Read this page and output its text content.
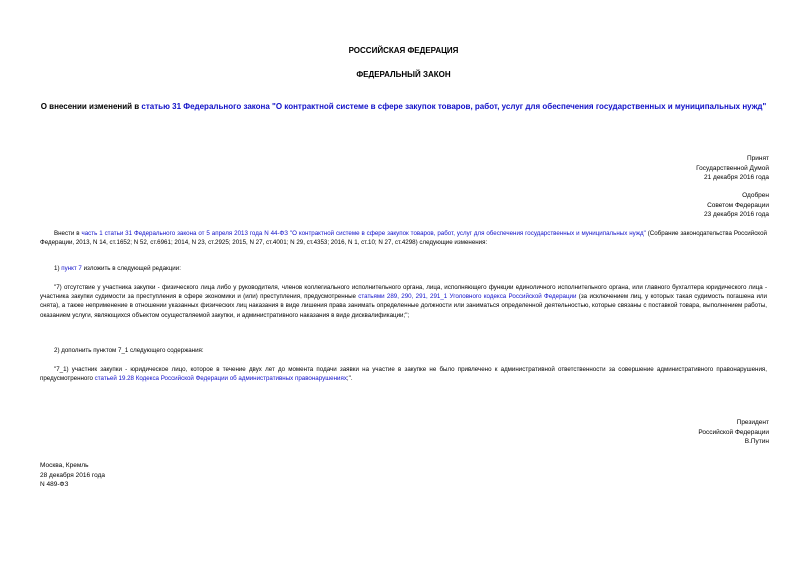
РОССИЙСКАЯ ФЕДЕРАЦИЯ
ФЕДЕРАЛЬНЫЙ ЗАКОН
О внесении изменений в статью 31 Федерального закона "О контрактной системе в сфере закупок товаров, работ, услуг для обеспечения государственных и муниципальных нужд"
Принят
Государственной Думой
21 декабря 2016 года
Одобрен
Советом Федерации
23 декабря 2016 года

Внести в часть 1 статьи 31 Федерального закона от 5 апреля 2013 года N 44-ФЗ "О контрактной системе в сфере закупок товаров, работ, услуг для обеспечения государственных и муниципальных нужд" (Собрание законодательства Российской Федерации, 2013, N 14, ст.1652; N 52, ст.6961; 2014, N 23, ст.2925; 2015, N 27, ст.4001; N 29, ст.4353; 2016, N 1, ст.10; N 27, ст.4298) следующие изменения:

1) пункт 7 изложить в следующей редакции:

"7) отсутствие у участника закупки - физического лица либо у руководителя, членов коллегиального исполнительного органа, лица, исполняющего функции единоличного исполнительного органа, или главного бухгалтера юридического лица - участника закупки судимости за преступления в сфере экономики и (или) преступления, предусмотренные статьями 289, 290, 291, 291_1 Уголовного кодекса Российской Федерации (за исключением лиц, у которых такая судимость погашена или снята), а также неприменение в отношении указанных физических лиц наказания в виде лишения права занимать определенные должности или заниматься определенной деятельностью, которые связаны с поставкой товара, выполнением работы, оказанием услуги, являющихся объектом осуществляемой закупки, и административного наказания в виде дисквалификации;";

2) дополнить пунктом 7_1 следующего содержания:

"7_1) участник закупки - юридическое лицо, которое в течение двух лет до момента подачи заявки на участие в закупке не было привлечено к административной ответственности за совершение административного правонарушения, предусмотренного статьей 19.28 Кодекса Российской Федерации об административных правонарушениях;".

Президент
Российской Федерации
В.Путин
Москва, Кремль
28 декабря 2016 года
N 489-ФЗ
